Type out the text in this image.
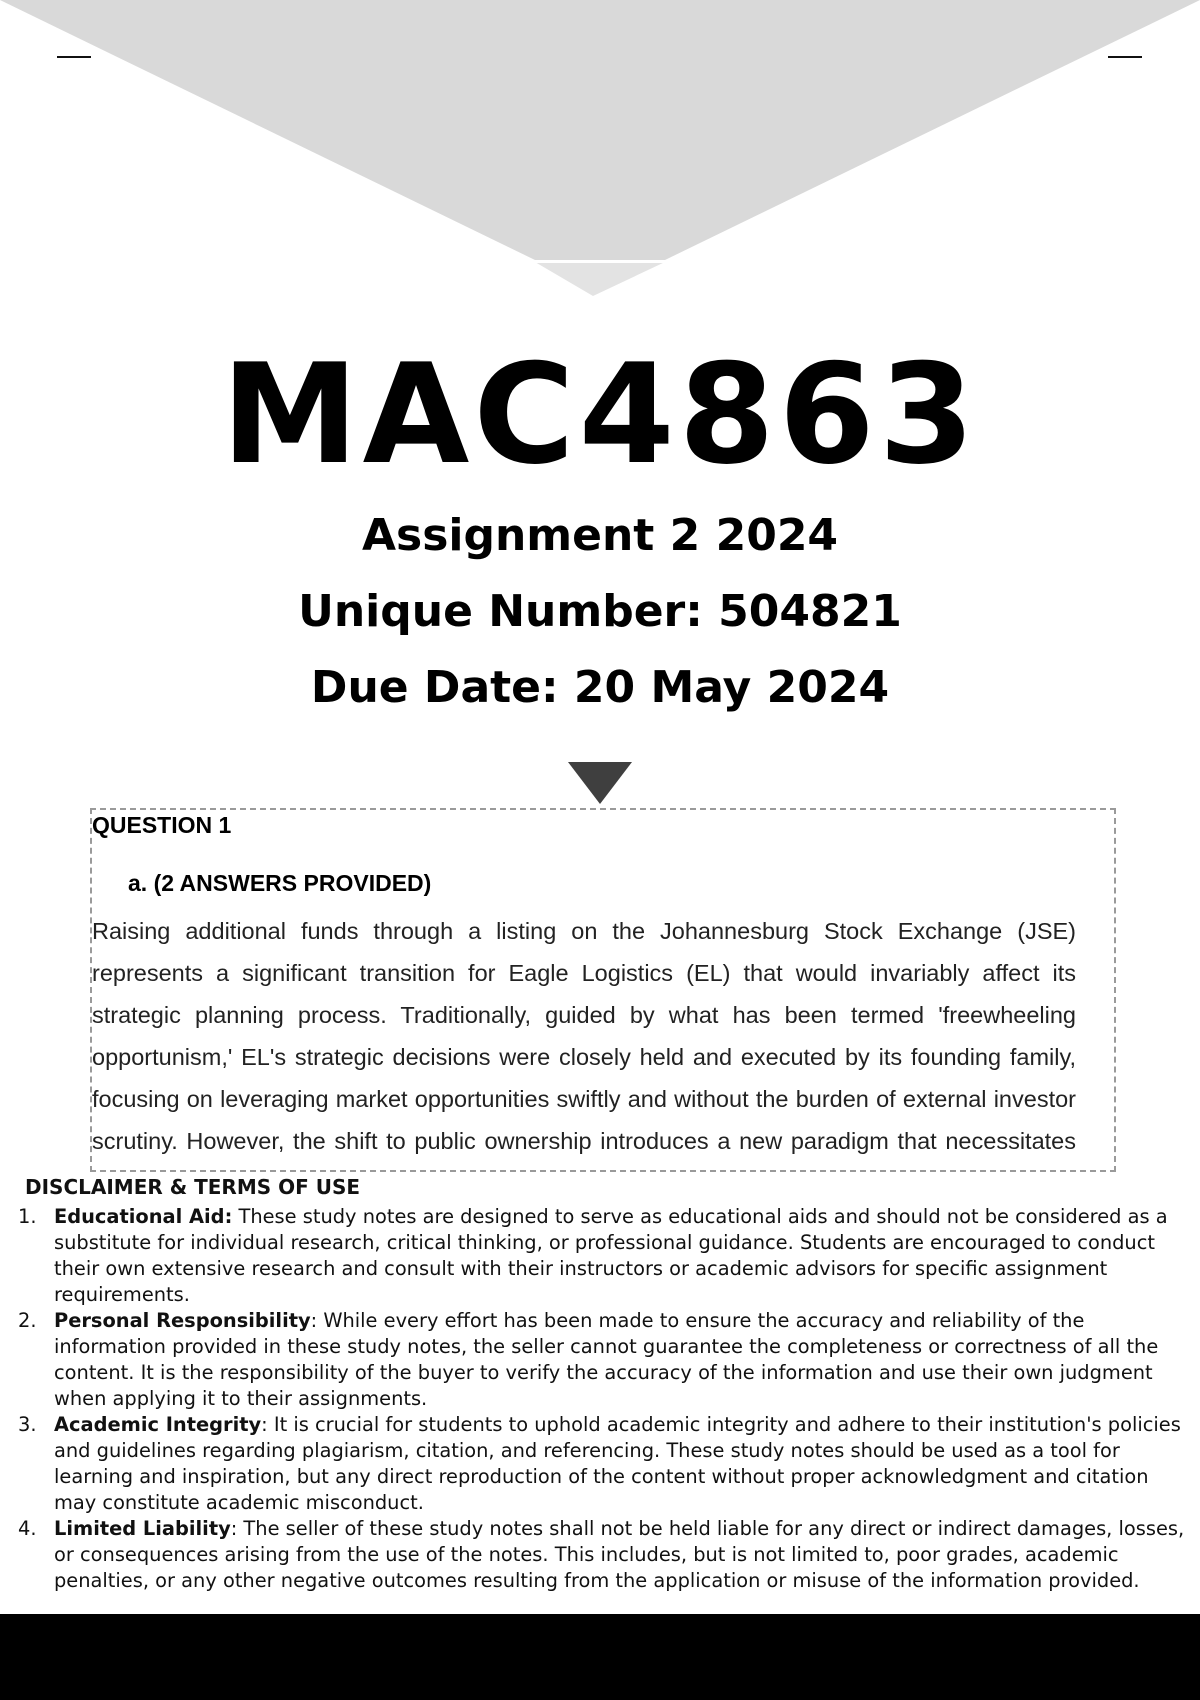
MAC4863
Assignment 2 2024
Unique Number: 504821
Due Date: 20 May 2024
QUESTION 1
a. (2 ANSWERS PROVIDED)

Raising additional funds through a listing on the Johannesburg Stock Exchange (JSE) represents a significant transition for Eagle Logistics (EL) that would invariably affect its strategic planning process. Traditionally, guided by what has been termed 'freewheeling opportunism,' EL's strategic decisions were closely held and executed by its founding family, focusing on leveraging market opportunities swiftly and without the burden of external investor scrutiny. However, the shift to public ownership introduces a new paradigm that necessitates

DISCLAIMER & TERMS OF USE
1. Educational Aid: These study notes are designed to serve as educational aids and should not be considered as a substitute for individual research, critical thinking, or professional guidance. Students are encouraged to conduct their own extensive research and consult with their instructors or academic advisors for specific assignment requirements.
2. Personal Responsibility: While every effort has been made to ensure the accuracy and reliability of the information provided in these study notes, the seller cannot guarantee the completeness or correctness of all the content. It is the responsibility of the buyer to verify the accuracy of the information and use their own judgment when applying it to their assignments.
3. Academic Integrity: It is crucial for students to uphold academic integrity and adhere to their institution's policies and guidelines regarding plagiarism, citation, and referencing. These study notes should be used as a tool for learning and inspiration, but any direct reproduction of the content without proper acknowledgment and citation may constitute academic misconduct.
4. Limited Liability: The seller of these study notes shall not be held liable for any direct or indirect damages, losses, or consequences arising from the use of the notes. This includes, but is not limited to, poor grades, academic penalties, or any other negative outcomes resulting from the application or misuse of the information provided.
